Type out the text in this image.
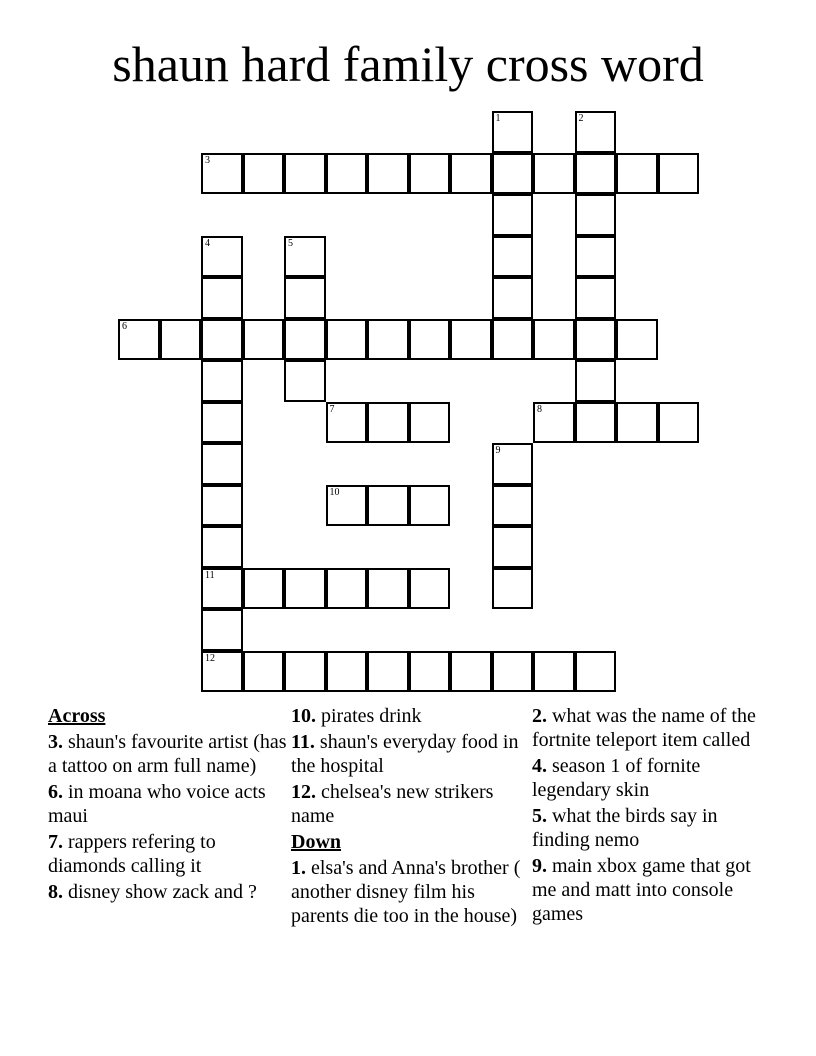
shaun hard family cross word
1	2
3
4
11
12
5
6
7	8
9
10
Across
3. shaun's favourite artist (has a tattoo on arm full name)
6. in moana who voice acts maui
7. rappers refering to diamonds calling it
8. disney show zack and ?
10. pirates drink
11. shaun's everyday food in the hospital
12. chelsea's new strikers name
Down
1. elsa's and Anna's brother ( another disney film his parents die too in the house)
2. what was the name of the fortnite teleport item called
4. season 1 of fornite legendary skin
5. what the birds say in finding nemo
9. main xbox game that got me and matt into console games
